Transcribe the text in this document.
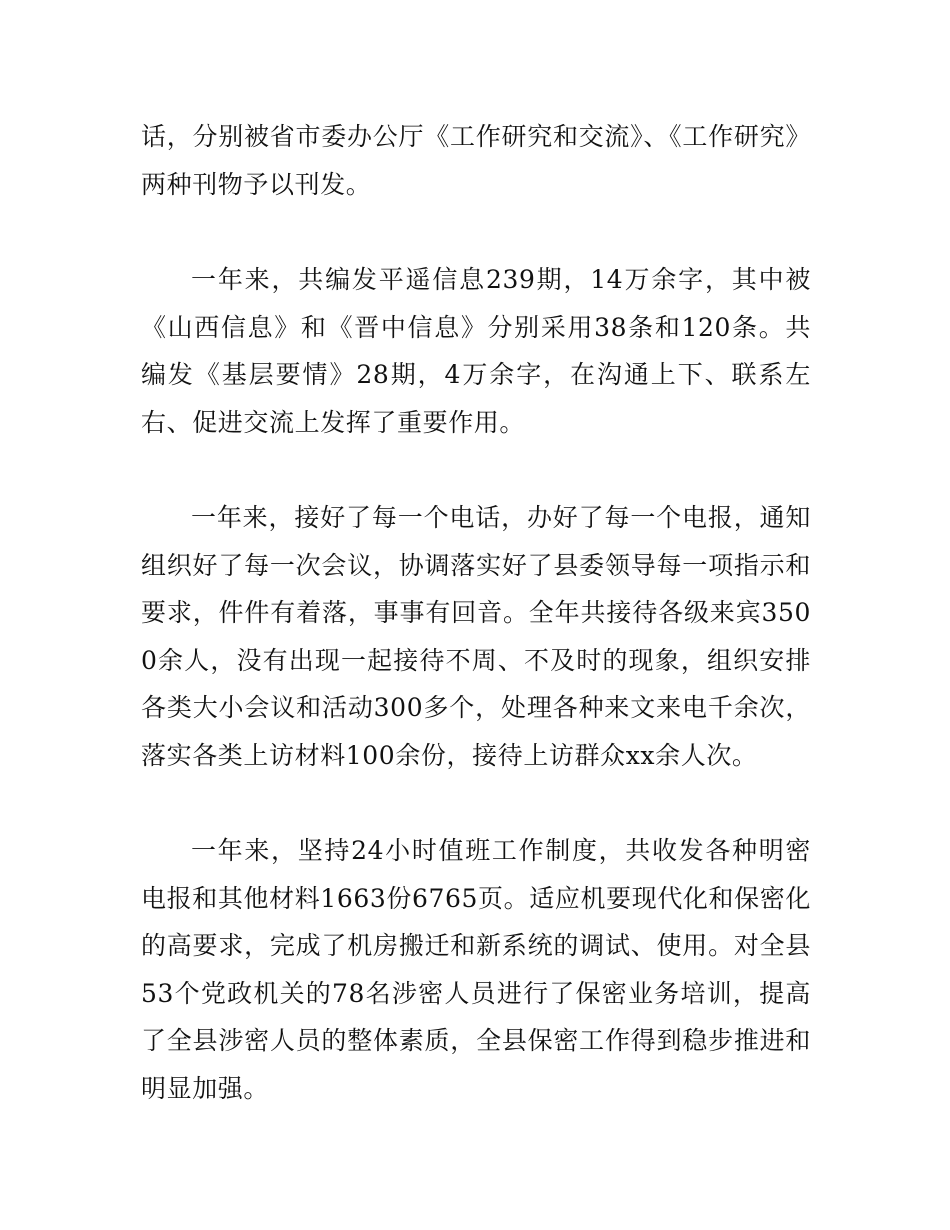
话，分别被省市委办公厅《工作研究和交流》、《工作研究》两种刊物予以刊发。

一年来，共编发平遥信息239期，14万余字，其中被《山西信息》和《晋中信息》分别采用38条和120条。共编发《基层要情》28期，4万余字，在沟通上下、联系左右、促进交流上发挥了重要作用。

一年来，接好了每一个电话，办好了每一个电报，通知组织好了每一次会议，协调落实好了县委领导每一项指示和要求，件件有着落，事事有回音。全年共接待各级来宾3500余人，没有出现一起接待不周、不及时的现象，组织安排各类大小会议和活动300多个，处理各种来文来电千余次，落实各类上访材料100余份，接待上访群众xx余人次。

一年来，坚持24小时值班工作制度，共收发各种明密电报和其他材料1663份6765页。适应机要现代化和保密化的高要求，完成了机房搬迁和新系统的调试、使用。对全县53个党政机关的78名涉密人员进行了保密业务培训，提高了全县涉密人员的整体素质，全县保密工作得到稳步推进和明显加强。
